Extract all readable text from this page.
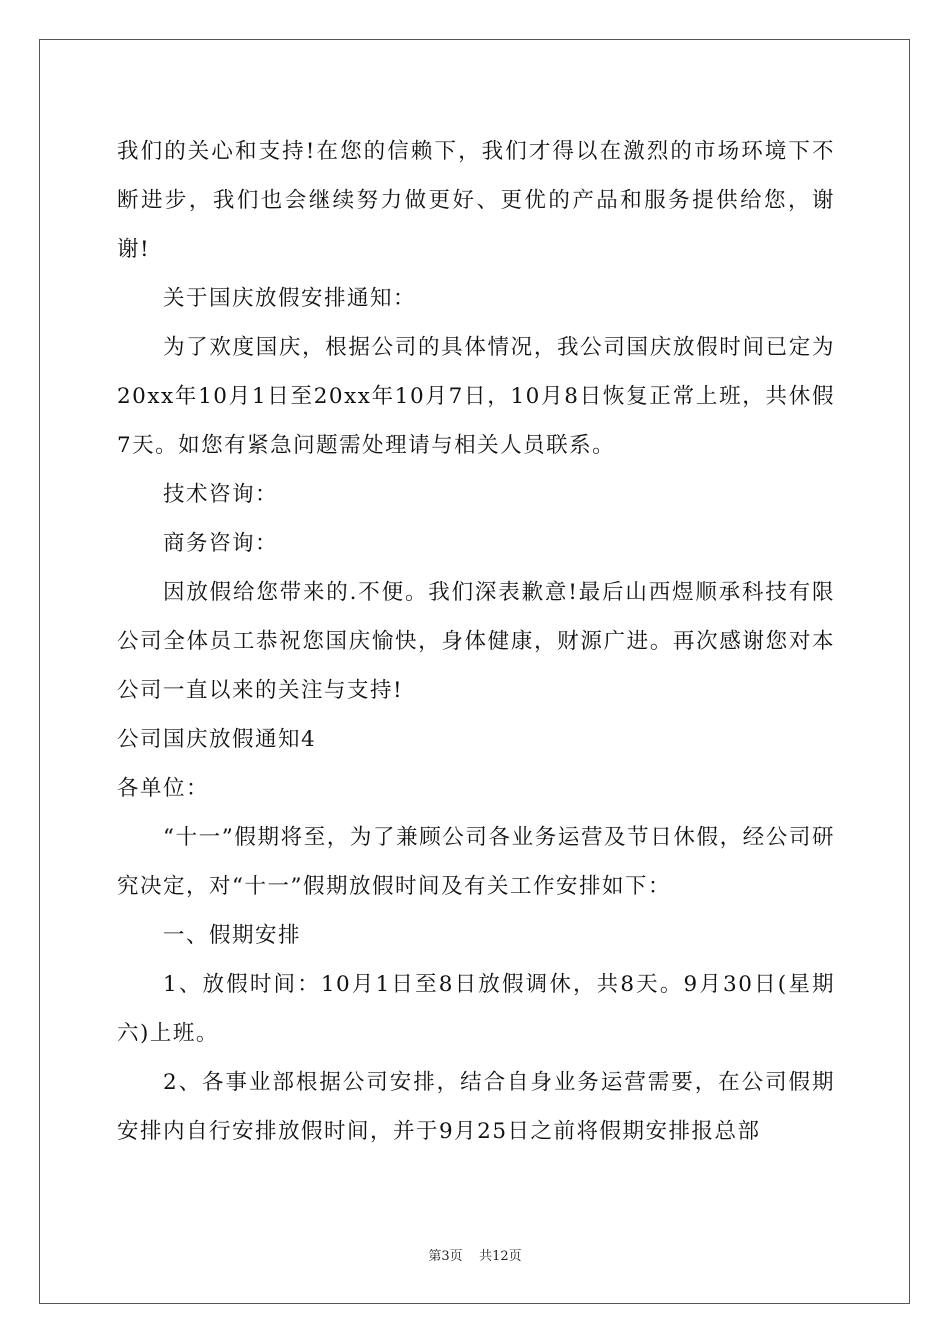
我们的关心和支持!在您的信赖下，我们才得以在激烈的市场环境下不断进步，我们也会继续努力做更好、更优的产品和服务提供给您，谢谢!

关于国庆放假安排通知：

为了欢度国庆，根据公司的具体情况，我公司国庆放假时间已定为20xx年10月1日至20xx年10月7日，10月8日恢复正常上班，共休假7天。如您有紧急问题需处理请与相关人员联系。

技术咨询：

商务咨询：

因放假给您带来的.不便。我们深表歉意!最后山西煜顺承科技有限公司全体员工恭祝您国庆愉快，身体健康，财源广进。再次感谢您对本公司一直以来的关注与支持!

公司国庆放假通知4

各单位：

“十一”假期将至，为了兼顾公司各业务运营及节日休假，经公司研究决定，对“十一”假期放假时间及有关工作安排如下：

一、假期安排

1、放假时间：10月1日至8日放假调休，共8天。9月30日(星期六)上班。

2、各事业部根据公司安排，结合自身业务运营需要，在公司假期安排内自行安排放假时间，并于9月25日之前将假期安排报总部

第3页 共12页
